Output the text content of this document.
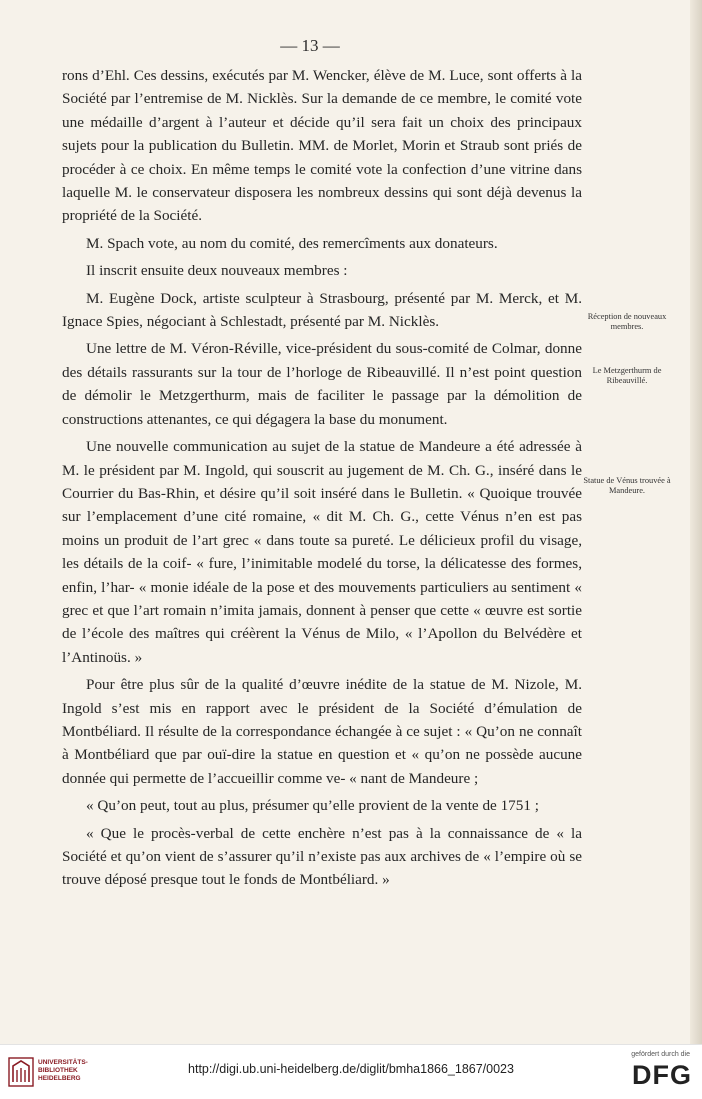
— 13 —

rons d’Ehl. Ces dessins, exécutés par M. Wencker, élève de M. Luce, sont offerts à la Société par l’entremise de M. Nicklès. Sur la demande de ce membre, le comité vote une médaille d’argent à l’auteur et décide qu’il sera fait un choix des principaux sujets pour la publication du Bulletin. MM. de Morlet, Morin et Straub sont priés de procéder à ce choix. En même temps le comité vote la confection d’une vitrine dans laquelle M. le conservateur disposera les nombreux dessins qui sont déjà devenus la propriété de la Société.

M. Spach vote, au nom du comité, des remercîments aux donateurs.

Il inscrit ensuite deux nouveaux membres :

M. Eugène Dock, artiste sculpteur à Strasbourg, présenté par M. Merck, et M. Ignace Spies, négociant à Schlestadt, présenté par M. Nicklès.

Une lettre de M. Véron-Réville, vice-président du sous-comité de Colmar, donne des détails rassurants sur la tour de l’horloge de Ribeauvillé. Il n’est point question de démolir le Metzgerthurm, mais de faciliter le passage par la démolition de constructions attenantes, ce qui dégagera la base du monument.

Une nouvelle communication au sujet de la statue de Mandeure a été adressée à M. le président par M. Ingold, qui souscrit au jugement de M. Ch. G., inséré dans le Courrier du Bas-Rhin, et désire qu’il soit inséré dans le Bulletin. « Quoique trouvée sur l’emplacement d’une cité romaine, « dit M. Ch. G., cette Vénus n’en est pas moins un produit de l’art grec « dans toute sa pureté. Le délicieux profil du visage, les détails de la coif- « fure, l’inimitable modelé du torse, la délicatesse des formes, enfin, l’har- « monie idéale de la pose et des mouvements particuliers au sentiment « grec et que l’art romain n’imita jamais, donnent à penser que cette « œuvre est sortie de l’école des maîtres qui créèrent la Vénus de Milo, « l’Apollon du Belvédère et l’Antinoüs. »

Pour être plus sûr de la qualité d’œuvre inédite de la statue de M. Nizole, M. Ingold s’est mis en rapport avec le président de la Société d’émulation de Montbéliard. Il résulte de la correspondance échangée à ce sujet : « Qu’on ne connaît à Montbéliard que par ouï-dire la statue en question et « qu’on ne possède aucune donnée qui permette de l’accueillir comme ve- « nant de Mandeure ;

« Qu’on peut, tout au plus, présumer qu’elle provient de la vente de 1751 ;

« Que le procès-verbal de cette enchère n’est pas à la connaissance de « la Société et qu’on vient de s’assurer qu’il n’existe pas aux archives de « l’empire où se trouve déposé presque tout le fonds de Montbéliard. »

Réception de nouveaux membres.
Le Metzgerthurm de Ribeauvillé.
Statue de Vénus trouvée à Mandeure.
UNIVERSITÄTS-
BIBLIOTHEK
HEIDELBERG
http://digi.ub.uni-heidelberg.de/diglit/bmha1866_1867/0023
gefördert durch die
DFG
